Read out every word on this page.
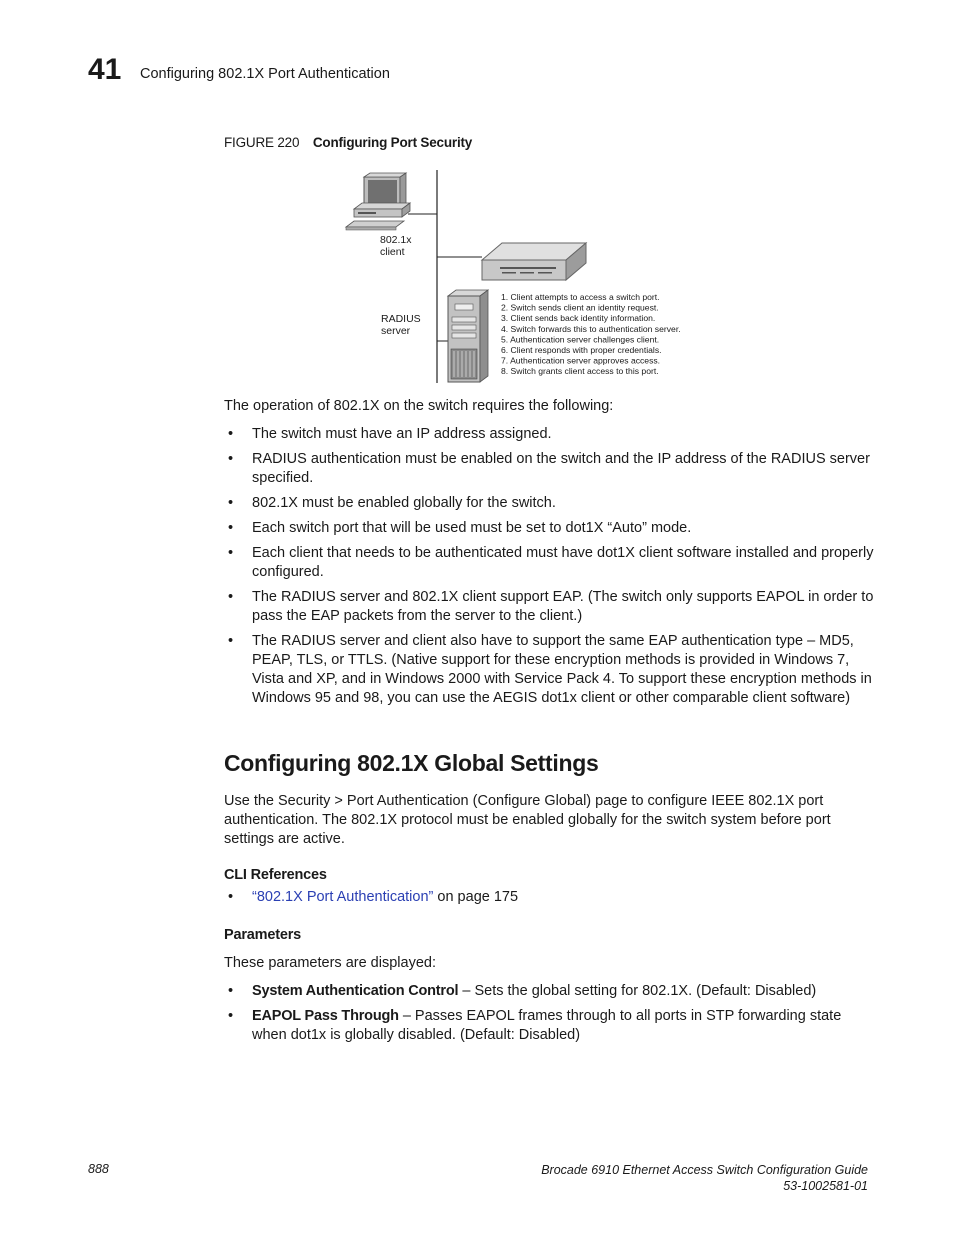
41 Configuring 802.1X Port Authentication
FIGURE 220 Configuring Port Security
802.1x
client
RADIUS
server
1. Client attempts to access a switch port.
2. Switch sends client an identity request.
3. Client sends back identity information.
4. Switch forwards this to authentication server.
5. Authentication server challenges client.
6. Client responds with proper credentials.
7. Authentication server approves access.
8. Switch grants client access to this port.
The operation of 802.1X on the switch requires the following:
• The switch must have an IP address assigned.
• RADIUS authentication must be enabled on the switch and the IP address of the RADIUS server specified.
• 802.1X must be enabled globally for the switch.
• Each switch port that will be used must be set to dot1X “Auto” mode.
• Each client that needs to be authenticated must have dot1X client software installed and properly configured.
• The RADIUS server and 802.1X client support EAP. (The switch only supports EAPOL in order to pass the EAP packets from the server to the client.)
• The RADIUS server and client also have to support the same EAP authentication type – MD5, PEAP, TLS, or TTLS. (Native support for these encryption methods is provided in Windows 7, Vista and XP, and in Windows 2000 with Service Pack 4. To support these encryption methods in Windows 95 and 98, you can use the AEGIS dot1x client or other comparable client software)
Configuring 802.1X Global Settings
Use the Security > Port Authentication (Configure Global) page to configure IEEE 802.1X port authentication. The 802.1X protocol must be enabled globally for the switch system before port settings are active.
CLI References
• “802.1X Port Authentication” on page 175
Parameters
These parameters are displayed:
• System Authentication Control – Sets the global setting for 802.1X. (Default: Disabled)
• EAPOL Pass Through – Passes EAPOL frames through to all ports in STP forwarding state when dot1x is globally disabled. (Default: Disabled)
888	Brocade 6910 Ethernet Access Switch Configuration Guide
53-1002581-01
